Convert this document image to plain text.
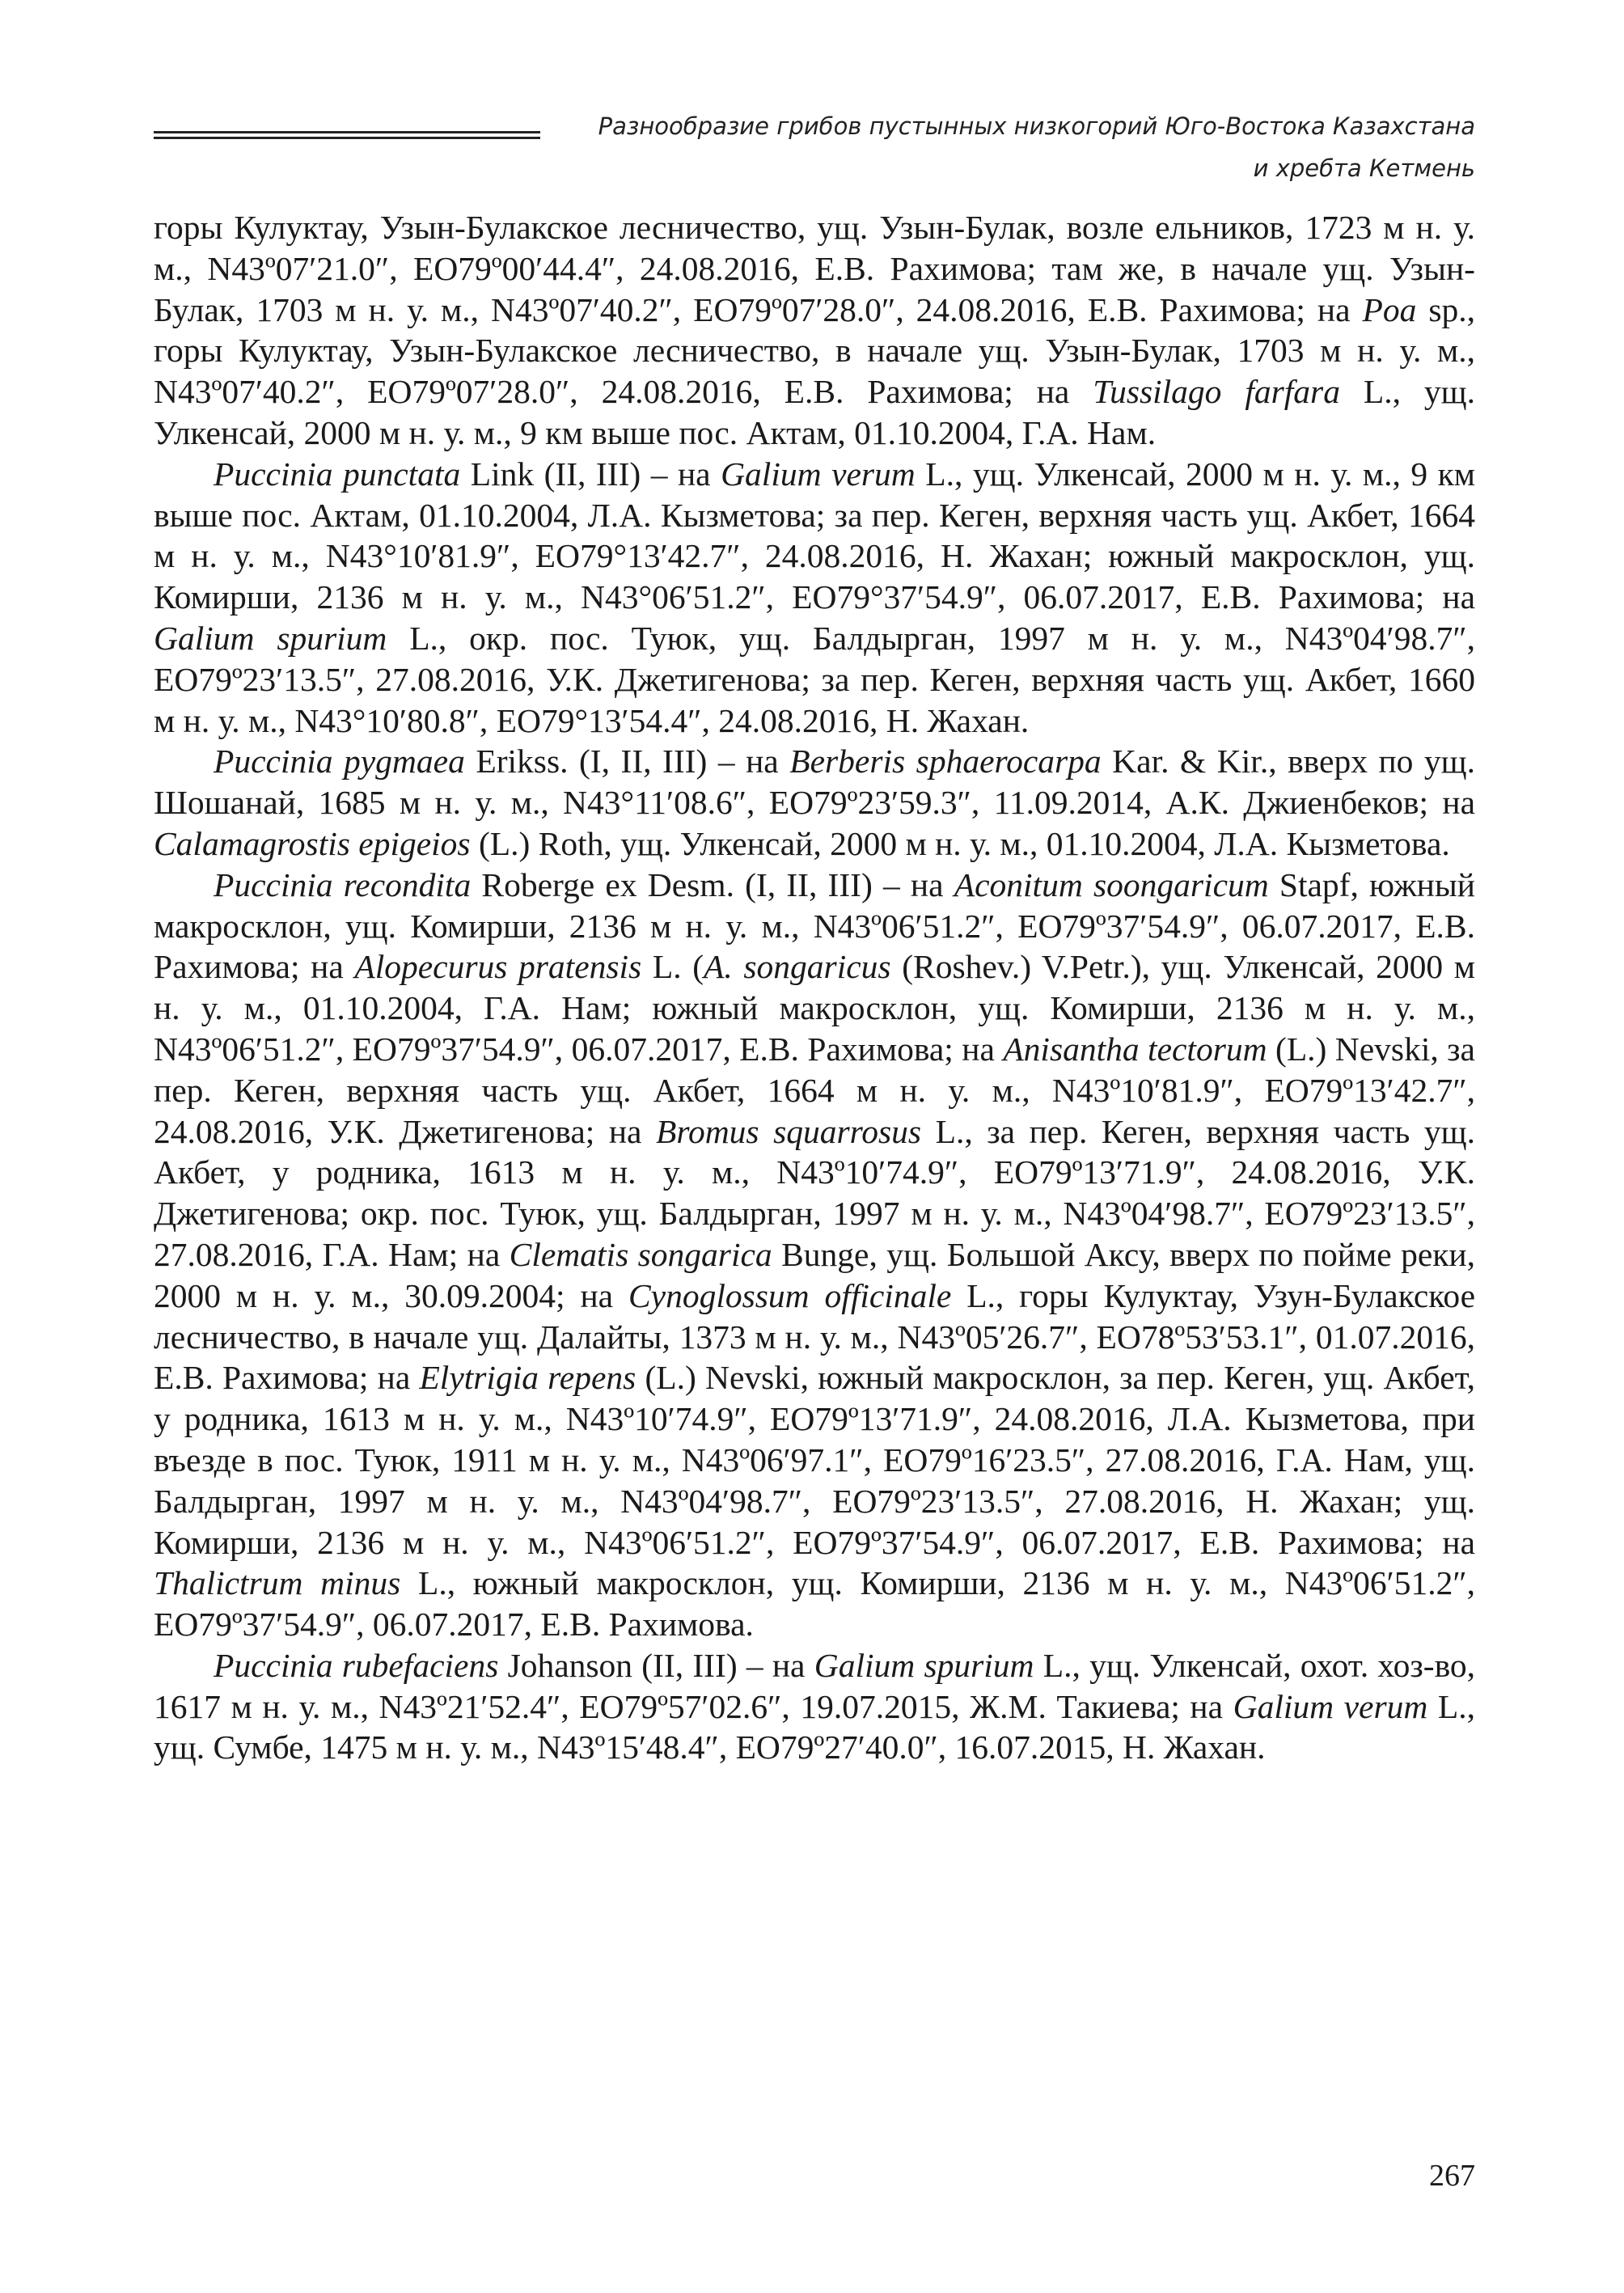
Разнообразие грибов пустынных низкогорий Юго-Востока Казахстана
и хребта Кетмень

горы Кулуктау, Узын-Булакское лесничество, ущ. Узын-Булак, возле ельников, 1723 м н. у. м., N43º07′21.0″, EO79º00′44.4″, 24.08.2016, Е.В. Рахимова; там же, в начале ущ. Узын-Булак, 1703 м н. у. м., N43º07′40.2″, EO79º07′28.0″, 24.08.2016, Е.В. Рахимова; на Poa sp., горы Кулуктау, Узын-Булакское лесничество, в начале ущ. Узын-Булак, 1703 м н. у. м., N43º07′40.2″, EO79º07′28.0″, 24.08.2016, Е.В. Рахимова; на Tussilago farfara L., ущ. Улкенсай, 2000 м н. у. м., 9 км выше пос. Актам, 01.10.2004, Г.А. Нам.

Puccinia punctata Link (II, III) – на Galium verum L., ущ. Улкенсай, 2000 м н. у. м., 9 км выше пос. Актам, 01.10.2004, Л.А. Кызметова; за пер. Кеген, верхняя часть ущ. Акбет, 1664 м н. у. м., N43°10′81.9″, EO79°13′42.7″, 24.08.2016, Н. Жахан; южный макросклон, ущ. Комирши, 2136 м н. у. м., N43°06′51.2″, EO79°37′54.9″, 06.07.2017, Е.В. Рахимова; на Galium spurium L., окр. пос. Туюк, ущ. Балдырган, 1997 м н. у. м., N43º04′98.7″, EO79º23′13.5″, 27.08.2016, У.К. Джетигенова; за пер. Кеген, верхняя часть ущ. Акбет, 1660 м н. у. м., N43°10′80.8″, EO79°13′54.4″, 24.08.2016, Н. Жахан.

Puccinia pygmaea Erikss. (I, II, III) – на Berberis sphaerocarpa Kar. & Kir., вверх по ущ. Шошанай, 1685 м н. у. м., N43°11′08.6″, EO79º23′59.3″, 11.09.2014, А.К. Джиенбеков; на Calamagrostis epigeios (L.) Roth, ущ. Улкенсай, 2000 м н. у. м., 01.10.2004, Л.А. Кызметова.

Puccinia recondita Roberge ex Desm. (I, II, III) – на Aconitum soongaricum Stapf, южный макросклон, ущ. Комирши, 2136 м н. у. м., N43º06′51.2″, EO79º37′54.9″, 06.07.2017, Е.В. Рахимова; на Alopecurus pratensis L. (A. songaricus (Roshev.) V.Petr.), ущ. Улкенсай, 2000 м н. у. м., 01.10.2004, Г.А. Нам; южный макросклон, ущ. Комирши, 2136 м н. у. м., N43º06′51.2″, EO79º37′54.9″, 06.07.2017, Е.В. Рахимова; на Anisantha tectorum (L.) Nevski, за пер. Кеген, верхняя часть ущ. Акбет, 1664 м н. у. м., N43º10′81.9″, EO79º13′42.7″, 24.08.2016, У.К. Джетигенова; на Bromus squarrosus L., за пер. Кеген, верхняя часть ущ. Акбет, у родника, 1613 м н. у. м., N43º10′74.9″, EO79º13′71.9″, 24.08.2016, У.К. Джетигенова; окр. пос. Туюк, ущ. Балдырган, 1997 м н. у. м., N43º04′98.7″, EO79º23′13.5″, 27.08.2016, Г.А. Нам; на Clematis songarica Bunge, ущ. Большой Аксу, вверх по пойме реки, 2000 м н. у. м., 30.09.2004; на Cynoglossum officinale L., горы Кулуктау, Узун-Булакское лесничество, в начале ущ. Далайты, 1373 м н. у. м., N43º05′26.7″, EO78º53′53.1″, 01.07.2016, Е.В. Рахимова; на Elytrigia repens (L.) Nevski, южный макросклон, за пер. Кеген, ущ. Акбет, у родника, 1613 м н. у. м., N43º10′74.9″, EO79º13′71.9″, 24.08.2016, Л.А. Кызметова, при въезде в пос. Туюк, 1911 м н. у. м., N43º06′97.1″, EO79º16′23.5″, 27.08.2016, Г.А. Нам, ущ. Балдырган, 1997 м н. у. м., N43º04′98.7″, EO79º23′13.5″, 27.08.2016, Н. Жахан; ущ. Комирши, 2136 м н. у. м., N43º06′51.2″, EO79º37′54.9″, 06.07.2017, Е.В. Рахимова; на Thalictrum minus L., южный макросклон, ущ. Комирши, 2136 м н. у. м., N43º06′51.2″, EO79º37′54.9″, 06.07.2017, Е.В. Рахимова.

Puccinia rubefaciens Johanson (II, III) – на Galium spurium L., ущ. Улкенсай, охот. хоз-во, 1617 м н. у. м., N43º21′52.4″, EO79º57′02.6″, 19.07.2015, Ж.М. Такиева; на Galium verum L., ущ. Сумбе, 1475 м н. у. м., N43º15′48.4″, EO79º27′40.0″, 16.07.2015, Н. Жахан.

267
